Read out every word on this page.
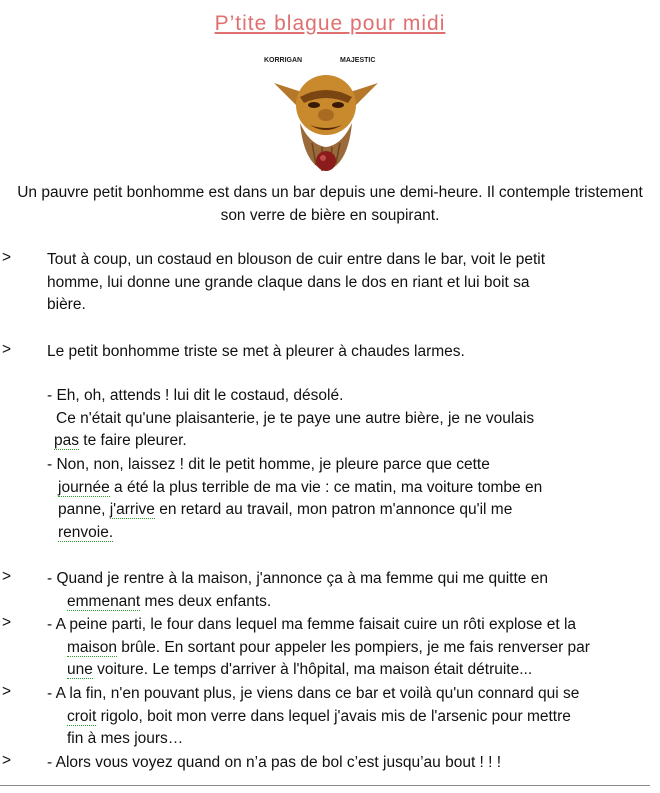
P’tite blague pour midi
KORRIGAN	MAJESTIC
Un pauvre petit bonhomme est dans un bar depuis une demi-heure. Il contemple tristement son verre de bière en soupirant.
> Tout à coup, un costaud en blouson de cuir entre dans le bar, voit le petit
homme, lui donne une grande claque dans le dos en riant et lui boit sa
bière.
> Le petit bonhomme triste se met à pleurer à chaudes larmes.
- Eh, oh, attends ! lui dit le costaud, désolé.
Ce n'était qu'une plaisanterie, je te paye une autre bière, je ne voulais
pas te faire pleurer.
- Non, non, laissez ! dit le petit homme, je pleure parce que cette
journée a été la plus terrible de ma vie : ce matin, ma voiture tombe en
panne, j'arrive en retard au travail, mon patron m'annonce qu'il me
renvoie.
> - Quand je rentre à la maison, j'annonce ça à ma femme qui me quitte en
emmenant mes deux enfants.
> - A peine parti, le four dans lequel ma femme faisait cuire un rôti explose et la
maison brûle. En sortant pour appeler les pompiers, je me fais renverser par
une voiture. Le temps d'arriver à l'hôpital, ma maison était détruite...
> - A la fin, n'en pouvant plus, je viens dans ce bar et voilà qu'un connard qui se
croit rigolo, boit mon verre dans lequel j'avais mis de l'arsenic pour mettre
fin à mes jours…
> - Alors vous voyez quand on n’a pas de bol c’est jusqu’au bout ! ! !
